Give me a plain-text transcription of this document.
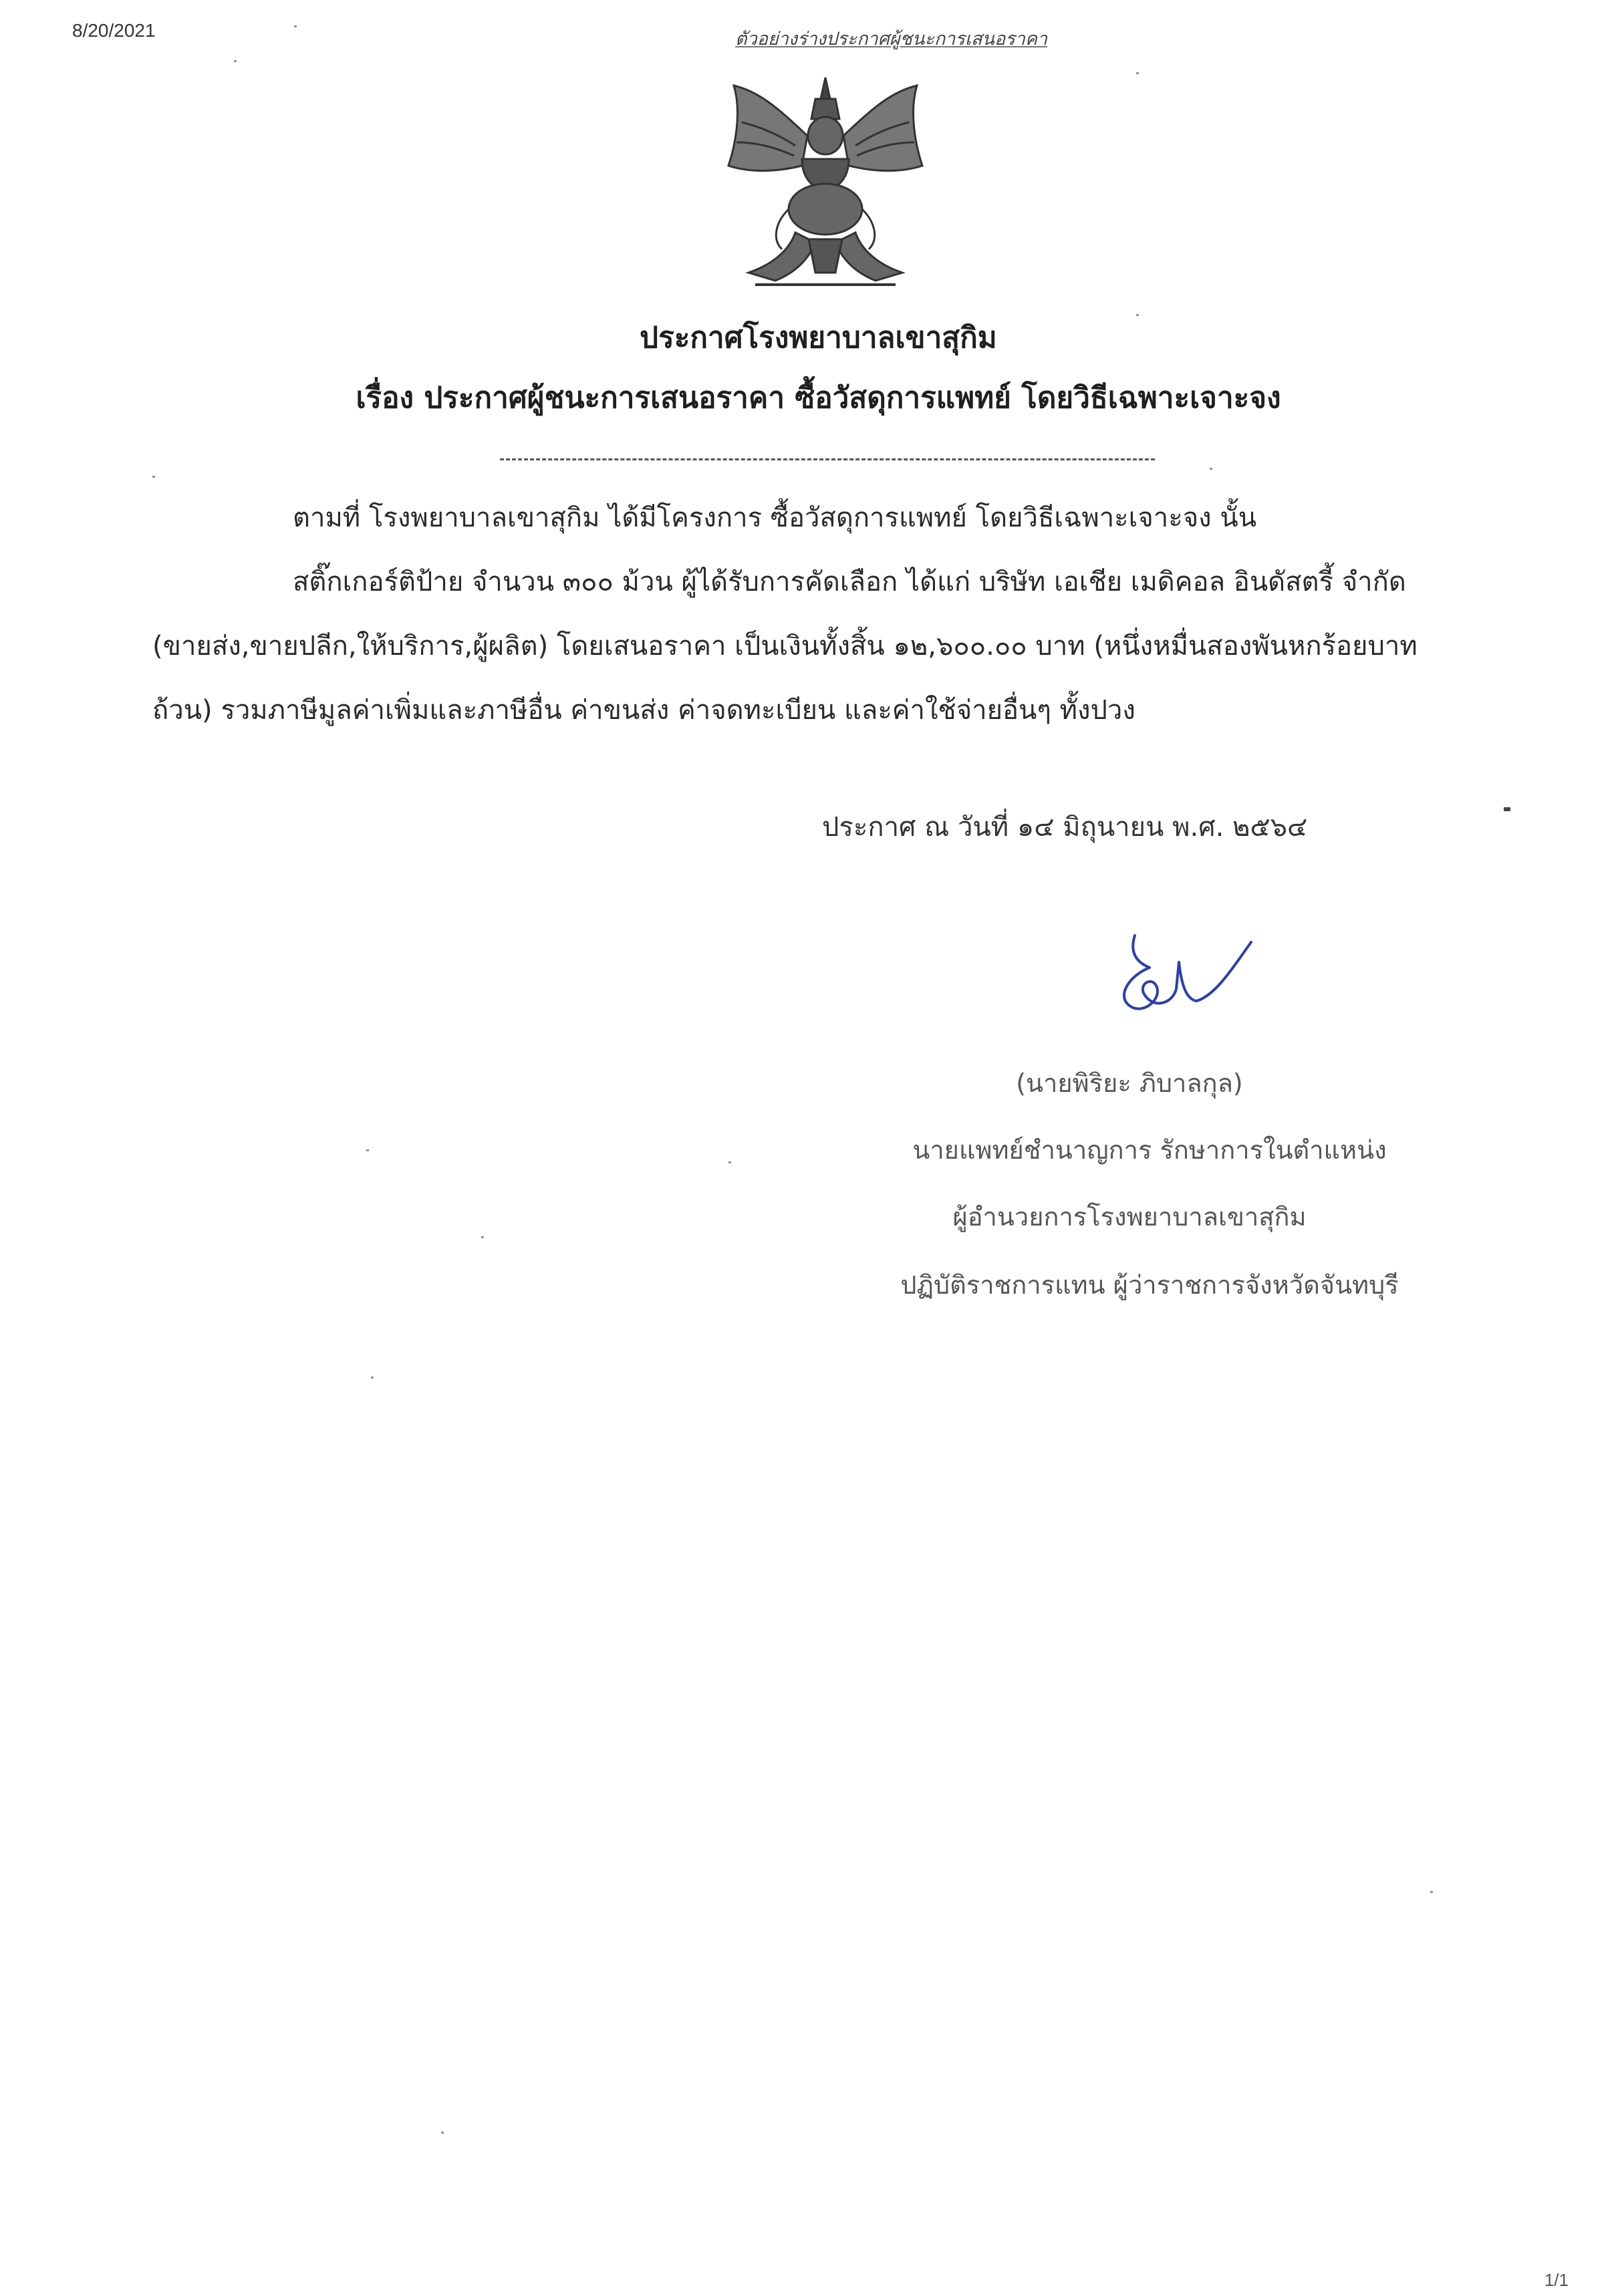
8/20/2021	ตัวอย่างร่างประกาศผู้ชนะการเสนอราคา
ประกาศโรงพยาบาลเขาสุกิม
เรื่อง ประกาศผู้ชนะการเสนอราคา ซื้อวัสดุการแพทย์ โดยวิธีเฉพาะเจาะจง
ตามที่ โรงพยาบาลเขาสุกิม ได้มีโครงการ ซื้อวัสดุการแพทย์ โดยวิธีเฉพาะเจาะจง นั้น
สติ๊กเกอร์ติป้าย จำนวน ๓๐๐ ม้วน ผู้ได้รับการคัดเลือก ได้แก่ บริษัท เอเชีย เมดิคอล อินดัสตรี้ จำกัด
(ขายส่ง,ขายปลีก,ให้บริการ,ผู้ผลิต) โดยเสนอราคา เป็นเงินทั้งสิ้น ๑๒,๖๐๐.๐๐ บาท (หนึ่งหมื่นสองพันหกร้อยบาท
ถ้วน) รวมภาษีมูลค่าเพิ่มและภาษีอื่น ค่าขนส่ง ค่าจดทะเบียน และค่าใช้จ่ายอื่นๆ ทั้งปวง
ประกาศ ณ วันที่ ๑๔ มิถุนายน พ.ศ. ๒๕๖๔
(นายพิริยะ ภิบาลกุล)
นายแพทย์ชำนาญการ รักษาการในตำแหน่ง
ผู้อำนวยการโรงพยาบาลเขาสุกิม
ปฏิบัติราชการแทน ผู้ว่าราชการจังหวัดจันทบุรี
1/1
